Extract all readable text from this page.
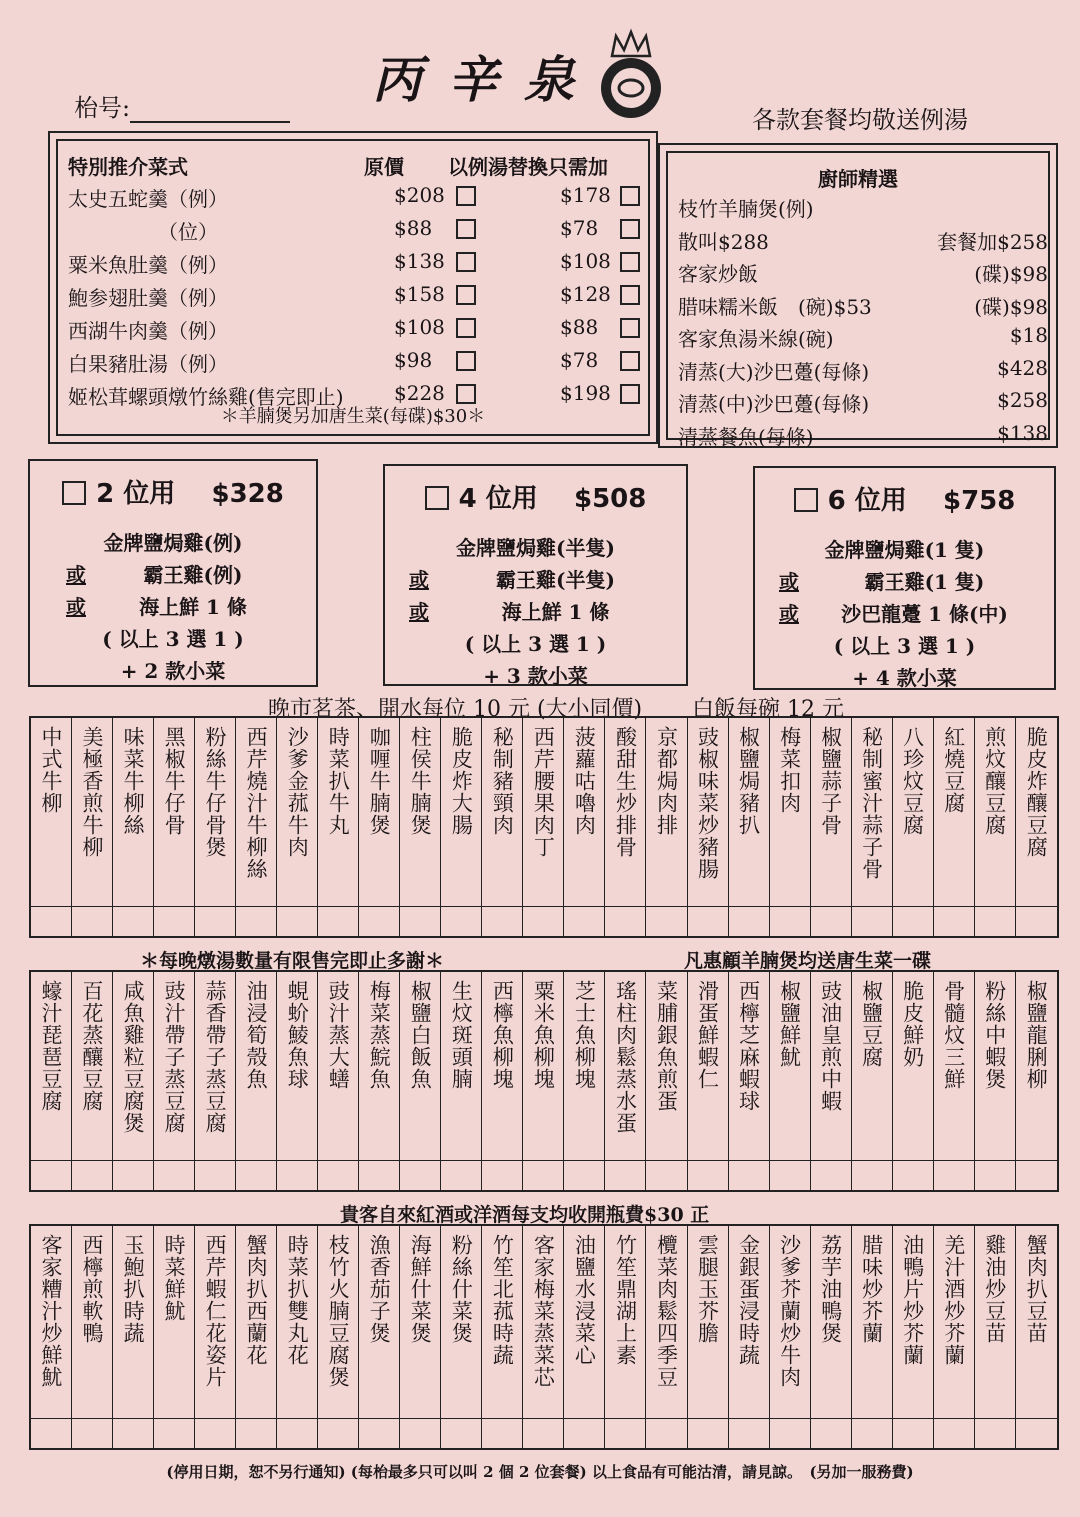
丙辛泉
枱号:	各款套餐均敬送例湯
特別推介菜式	原價 以例湯替換只需加
＊羊腩煲另加唐生菜(每碟)$30＊
太史五蛇羹（例）	$208	$178
　　　　　（位）	$88	$78
粟米魚肚羹（例）	$138	$108
鮑参翅肚羹（例）	$158	$128
西湖牛肉羹（例）	$108	$88
白果豬肚湯（例）	$98	$78
姬松茸螺頭燉竹絲雞(售完即止)	$228	$198
廚師精選
枝竹羊腩煲(例)
散叫$288	套餐加$258
客家炒飯	(碟)$98
腊味糯米飯　(碗)$53	(碟)$98
客家魚湯米線(碗)	$18
清蒸(大)沙巴躉(每條)	$428
清蒸(中)沙巴躉(每條)	$258
清蒸餐魚(每條)	$138
2 位用 $328
金牌鹽焗雞(例)
或	霸王雞(例)
或	海上鮮 1 條
( 以上 3 選 1 )
+ 2 款小菜
4 位用 $508
金牌鹽焗雞(半隻)
或	霸王雞(半隻)
或	海上鮮 1 條
( 以上 3 選 1 )
+ 3 款小菜
6 位用 $758
金牌鹽焗雞(1 隻)
或	霸王雞(1 隻)
或	沙巴龍躉 1 條(中)
( 以上 3 選 1 )
+ 4 款小菜
晚市茗茶、開水每位 10 元 (大小同價) 白飯每碗 12 元
中式牛柳 美極香煎牛柳 味菜牛柳絲 黑椒牛仔骨 粉絲牛仔骨煲 西芹燒汁牛柳絲 沙爹金菰牛肉 時菜扒牛丸 咖喱牛腩煲 柱侯牛腩煲 脆皮炸大腸 秘制豬頸肉 西芹腰果肉丁 菠蘿咕嚕肉 酸甜生炒排骨 京都焗肉排 豉椒味菜炒豬腸 椒鹽焗豬扒 梅菜扣肉 椒鹽蒜子骨 秘制蜜汁蒜子骨 八珍炆豆腐 紅燒豆腐 煎炆釀豆腐 脆皮炸釀豆腐
＊每晚燉湯數量有限售完即止多謝＊	凡惠顧羊腩煲均送唐生菜一碟
蠔汁琵琶豆腐 百花蒸釀豆腐 咸魚雞粒豆腐煲 豉汁帶子蒸豆腐 蒜香帶子蒸豆腐 油浸筍殼魚 蜆蚧鯪魚球 豉汁蒸大蟮 梅菜蒸鯇魚 椒鹽白飯魚 生炆斑頭腩 西檸魚柳塊 粟米魚柳塊 芝士魚柳塊 瑤柱肉鬆蒸水蛋 菜脯銀魚煎蛋 滑蛋鮮蝦仁 西檸芝麻蝦球 椒鹽鮮魷 豉油皇煎中蝦 椒鹽豆腐 脆皮鮮奶 骨髓炆三鮮 粉絲中蝦煲 椒鹽龍脷柳
貴客自來紅酒或洋酒每支均收開瓶費$30 正
客家糟汁炒鮮魷 西檸煎軟鴨 玉鮑扒時蔬 時菜鮮魷 西芹蝦仁花姿片 蟹肉扒西蘭花 時菜扒雙丸花 枝竹火腩豆腐煲 漁香茄子煲 海鮮什菜煲 粉絲什菜煲 竹笙北菰時蔬 客家梅菜蒸菜芯 油鹽水浸菜心 竹笙鼎湖上素 欖菜肉鬆四季豆 雲腿玉芥膽 金銀蛋浸時蔬 沙爹芥蘭炒牛肉 荔芋油鴨煲 腊味炒芥蘭 油鴨片炒芥蘭 羌汁酒炒芥蘭 雞油炒豆苗 蟹肉扒豆苗
(停用日期，恕不另行通知) (每枱最多只可以叫 2 個 2 位套餐) 以上食品有可能沽清，請見諒。　(另加一服務費)
